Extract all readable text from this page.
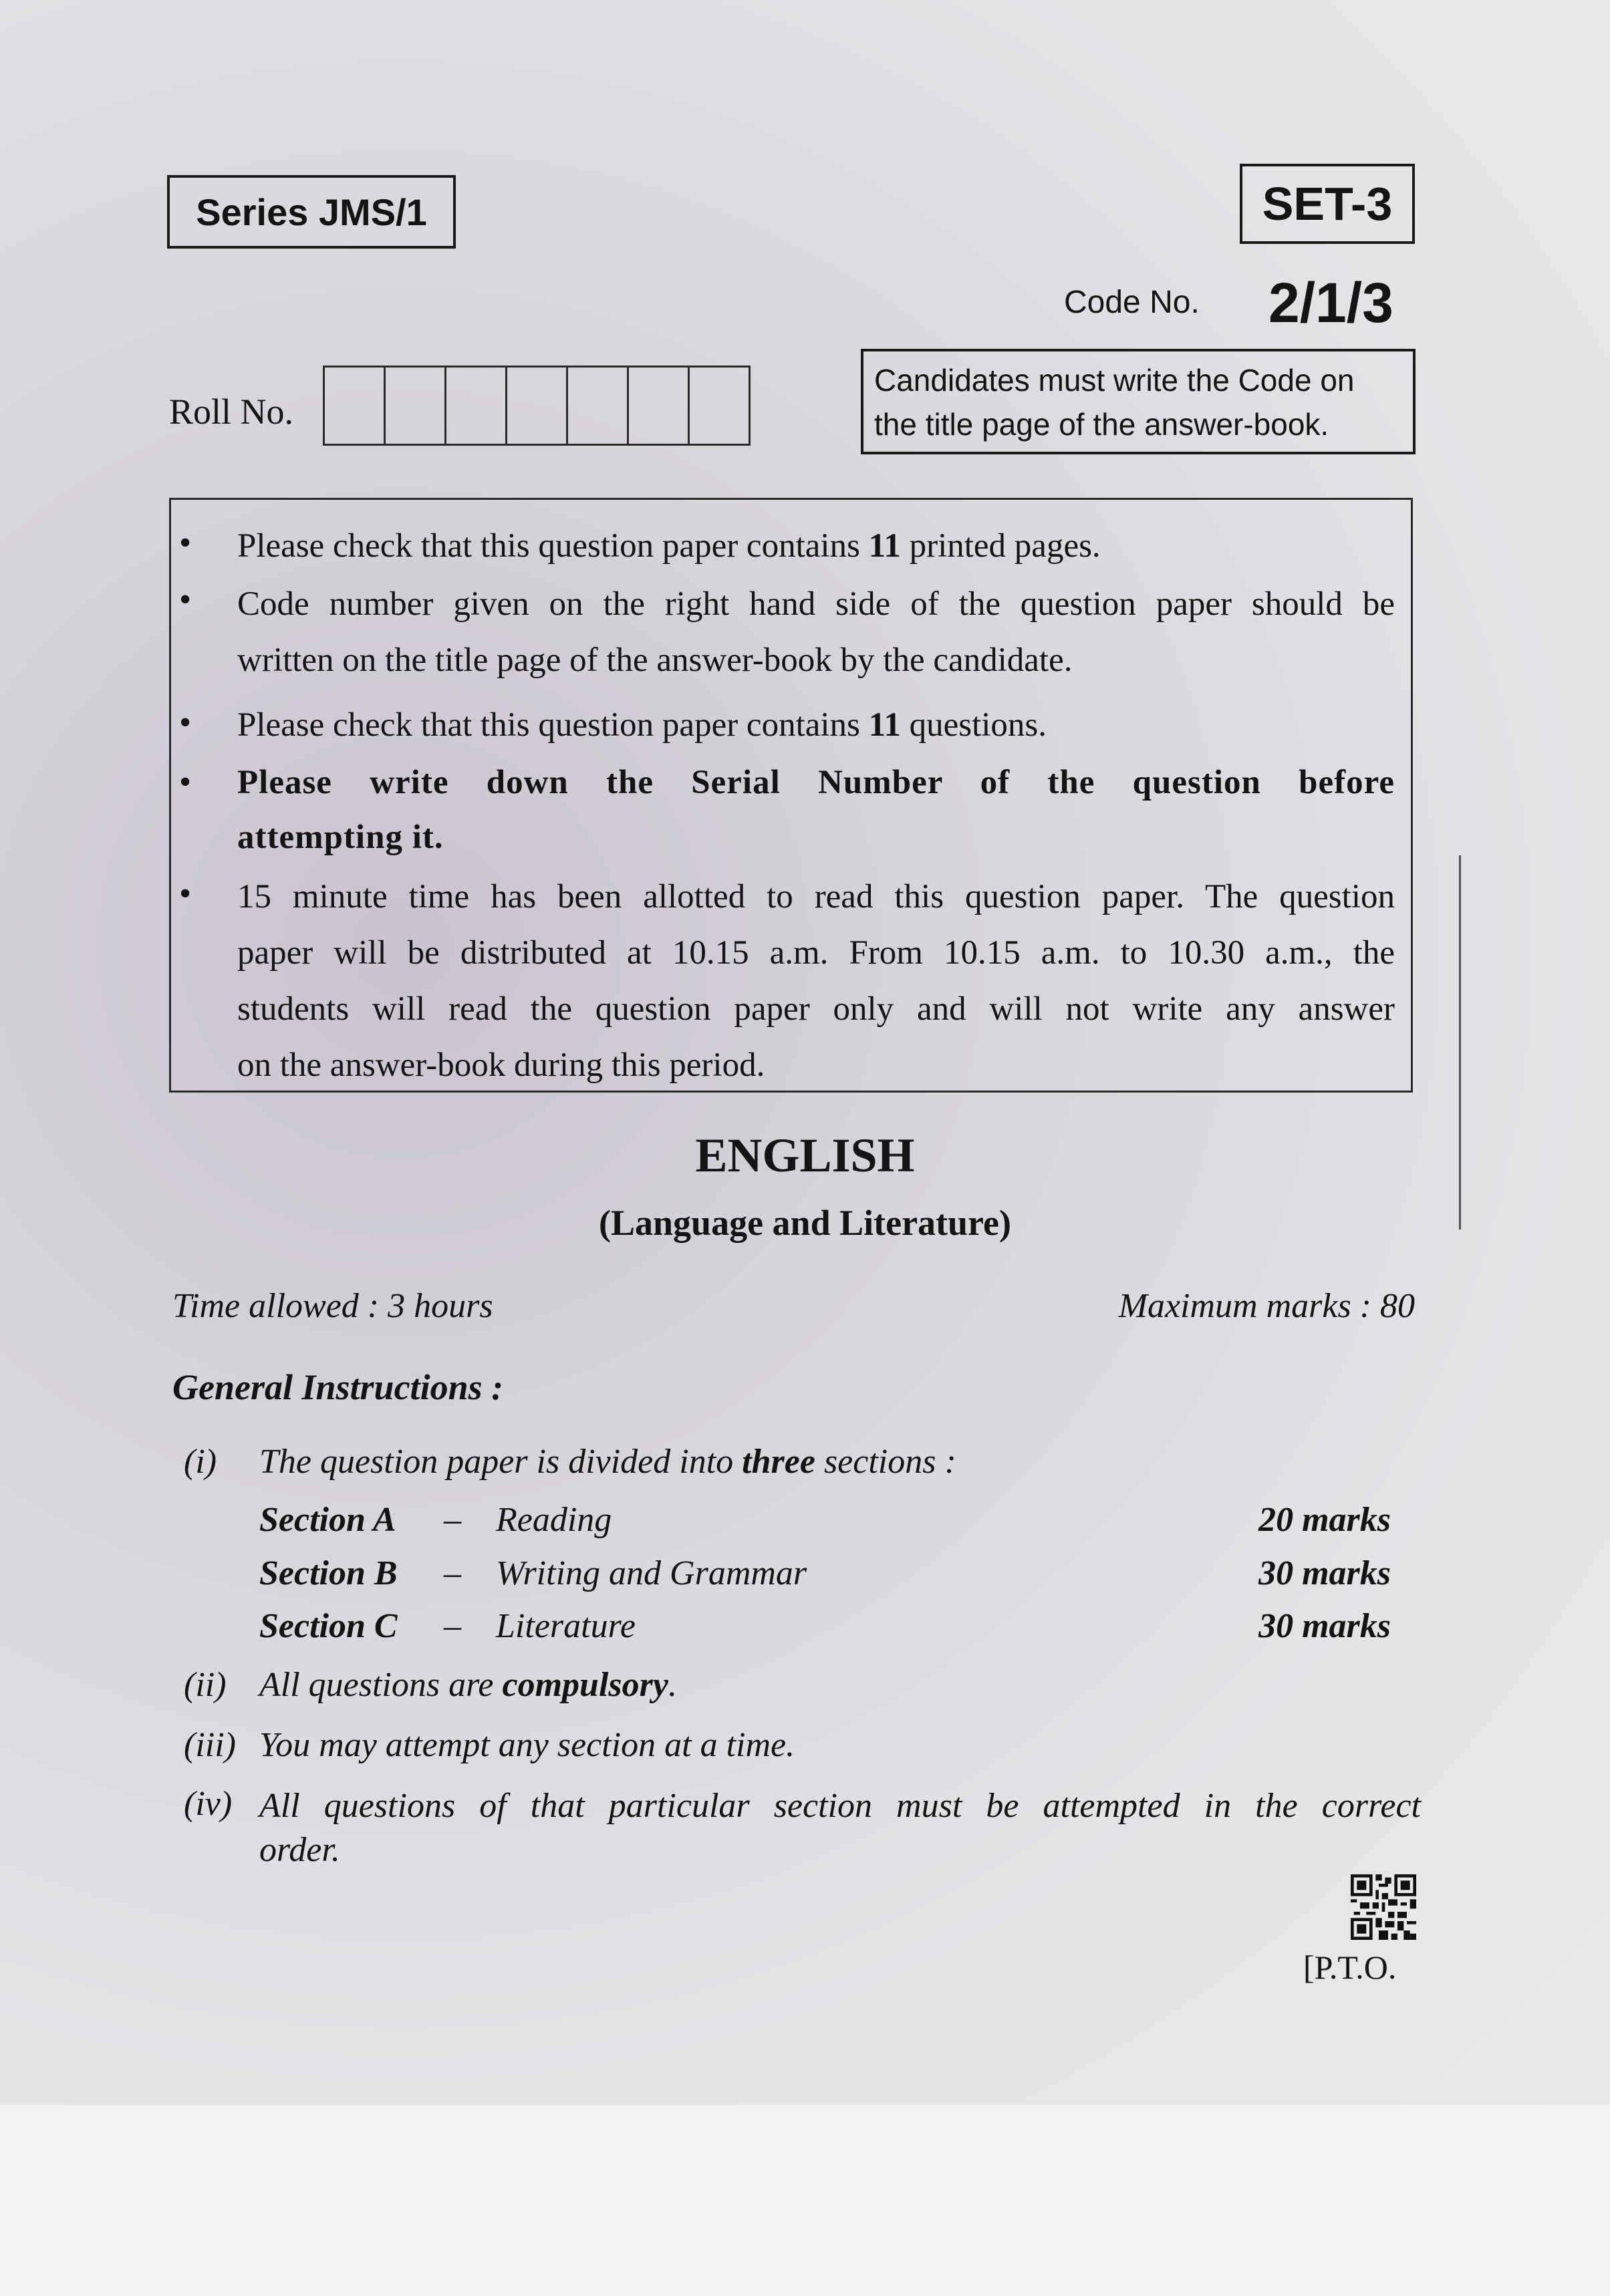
Series JMS/1	SET-3
Code No. 2/1/3
Roll No.
Candidates must write the Code on
the title page of the answer-book.
• Please check that this question paper contains 11 printed pages.
• Code number given on the right hand side of the question paper should be
written on the title page of the answer-book by the candidate.
• Please check that this question paper contains 11 questions.
• Please write down the Serial Number of the question before
attempting it.
• 15 minute time has been allotted to read this question paper. The question
paper will be distributed at 10.15 a.m. From 10.15 a.m. to 10.30 a.m., the
students will read the question paper only and will not write any answer
on the answer-book during this period.
ENGLISH
(Language and Literature)
Time allowed : 3 hours	Maximum marks : 80
General Instructions :
(i) The question paper is divided into three sections :
Section A – Reading	20 marks
Section B – Writing and Grammar	30 marks
Section C – Literature	30 marks
(ii) All questions are compulsory.
(iii) You may attempt any section at a time.
(iv) All questions of that particular section must be attempted in the correct
order.
[P.T.O.
